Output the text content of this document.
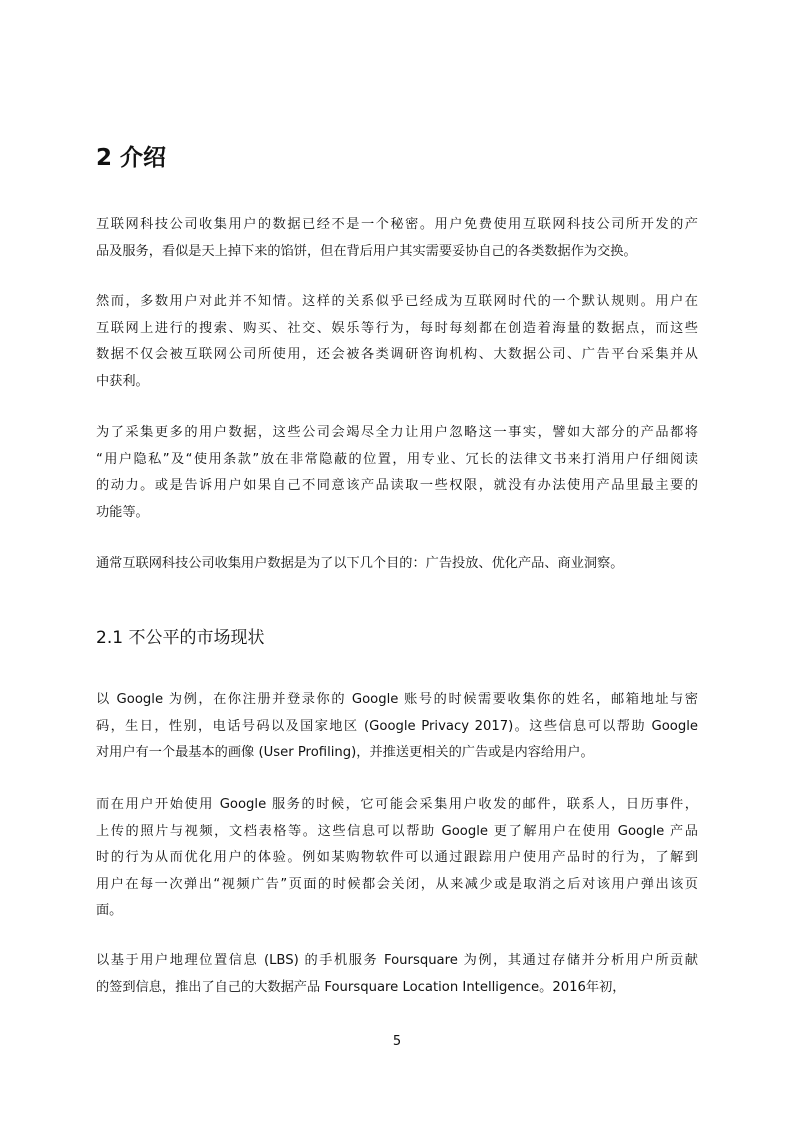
2 介绍

互联网科技公司收集用户的数据已经不是一个秘密。用户免费使用互联网科技公司所开发的产
品及服务，看似是天上掉下来的馅饼，但在背后用户其实需要妥协自己的各类数据作为交换。

然而，多数用户对此并不知情。这样的关系似乎已经成为互联网时代的一个默认规则。用户在
互联网上进行的搜索、购买、社交、娱乐等行为，每时每刻都在创造着海量的数据点，而这些
数据不仅会被互联网公司所使用，还会被各类调研咨询机构、大数据公司、广告平台采集并从
中获利。

为了采集更多的用户数据，这些公司会竭尽全力让用户忽略这一事实，譬如大部分的产品都将
“用户隐私”及“使用条款”放在非常隐蔽的位置，用专业、冗长的法律文书来打消用户仔细阅读
的动力。或是告诉用户如果自己不同意该产品读取一些权限，就没有办法使用产品里最主要的
功能等。

通常互联网科技公司收集用户数据是为了以下几个目的：广告投放、优化产品、商业洞察。

2.1 不公平的市场现状

以 Google 为例，在你注册并登录你的 Google 账号的时候需要收集你的姓名，邮箱地址与密
码，生日，性别，电话号码以及国家地区 (Google Privacy 2017)。这些信息可以帮助 Google
对用户有一个最基本的画像 (User Profiling)，并推送更相关的广告或是内容给用户。

而在用户开始使用 Google 服务的时候，它可能会采集用户收发的邮件，联系人，日历事件，
上传的照片与视频，文档表格等。这些信息可以帮助 Google 更了解用户在使用 Google 产品
时的行为从而优化用户的体验。例如某购物软件可以通过跟踪用户使用产品时的行为，了解到
用户在每一次弹出“视频广告”页面的时候都会关闭，从来减少或是取消之后对该用户弹出该页
面。

以基于用户地理位置信息 (LBS) 的手机服务 Foursquare 为例，其通过存储并分析用户所贡献
的签到信息，推出了自己的大数据产品 Foursquare Location Intelligence。2016年初，

5
